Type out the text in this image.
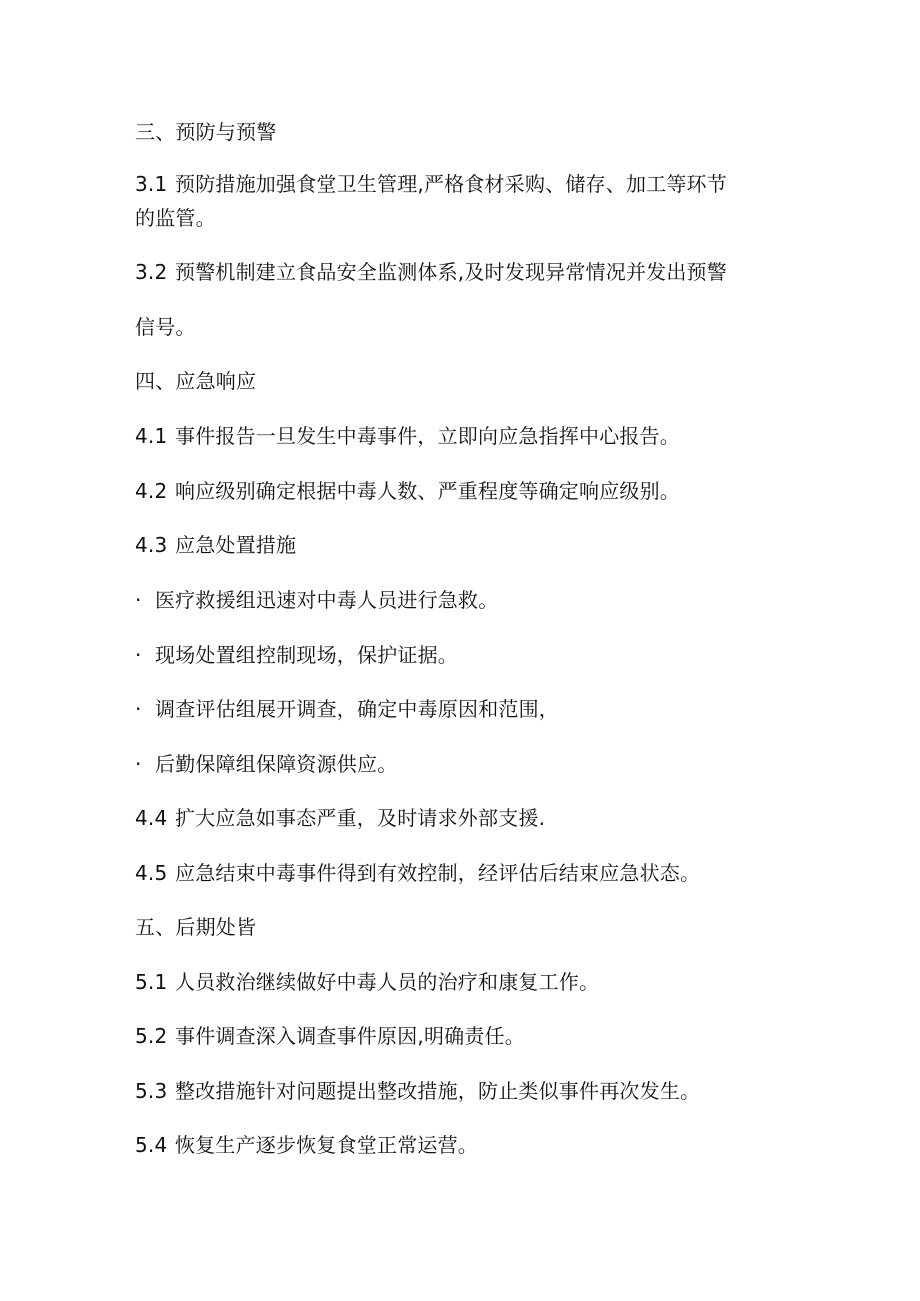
三、预防与预警
3.1 预防措施加强食堂卫生管理,严格食材采购、储存、加工等环节
的监管。
3.2 预警机制建立食品安全监测体系,及时发现异常情况并发出预警
信号。
四、应急响应
4.1 事件报告一旦发生中毒事件，立即向应急指挥中心报告。
4.2 响应级别确定根据中毒人数、严重程度等确定响应级别。
4.3 应急处置措施
· 医疗救援组迅速对中毒人员进行急救。
· 现场处置组控制现场，保护证据。
· 调查评估组展开调查，确定中毒原因和范围，
· 后勤保障组保障资源供应。
4.4 扩大应急如事态严重，及时请求外部支援.
4.5 应急结束中毒事件得到有效控制，经评估后结束应急状态。
五、后期处皆
5.1 人员救治继续做好中毒人员的治疗和康复工作。
5.2 事件调查深入调查事件原因,明确责任。
5.3 整改措施针对问题提出整改措施，防止类似事件再次发生。
5.4 恢复生产逐步恢复食堂正常运营。
